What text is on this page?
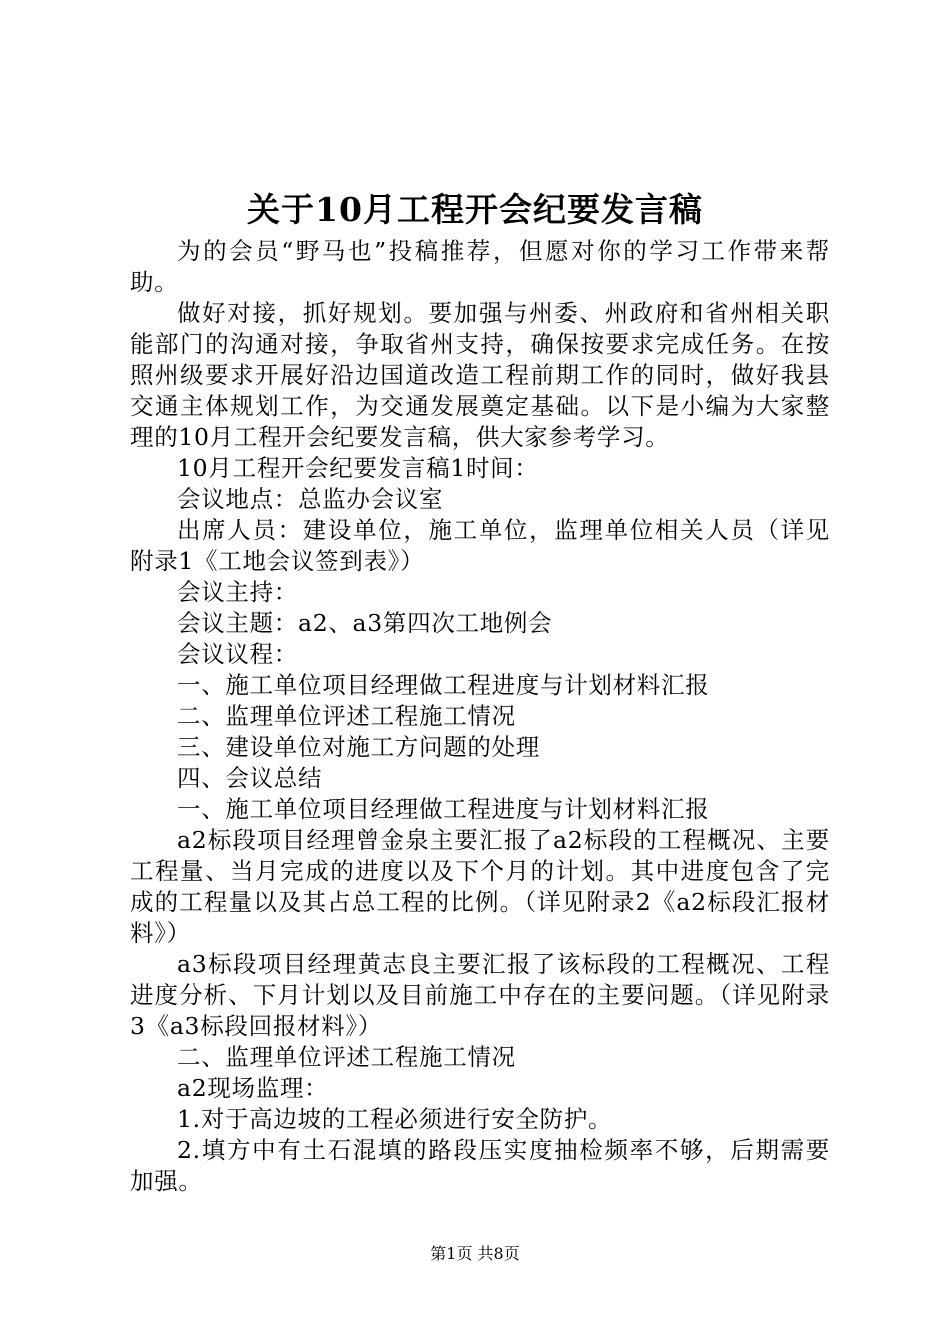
关于10月工程开会纪要发言稿

为的会员“野马也”投稿推荐，但愿对你的学习工作带来帮助。

做好对接，抓好规划。要加强与州委、州政府和省州相关职能部门的沟通对接，争取省州支持，确保按要求完成任务。在按照州级要求开展好沿边国道改造工程前期工作的同时，做好我县交通主体规划工作，为交通发展奠定基础。以下是小编为大家整理的10月工程开会纪要发言稿，供大家参考学习。

10月工程开会纪要发言稿1时间：

会议地点：总监办会议室

出席人员：建设单位，施工单位，监理单位相关人员（详见附录1《工地会议签到表》）

会议主持：

会议主题：a2、a3第四次工地例会

会议议程：

一、施工单位项目经理做工程进度与计划材料汇报

二、监理单位评述工程施工情况

三、建设单位对施工方问题的处理

四、会议总结

一、施工单位项目经理做工程进度与计划材料汇报

a2标段项目经理曾金泉主要汇报了a2标段的工程概况、主要工程量、当月完成的进度以及下个月的计划。其中进度包含了完成的工程量以及其占总工程的比例。（详见附录2《a2标段汇报材料》）

a3标段项目经理黄志良主要汇报了该标段的工程概况、工程进度分析、下月计划以及目前施工中存在的主要问题。（详见附录3《a3标段回报材料》）

二、监理单位评述工程施工情况

a2现场监理：

1.对于高边坡的工程必须进行安全防护。

2.填方中有土石混填的路段压实度抽检频率不够，后期需要加强。

第1页 共8页
